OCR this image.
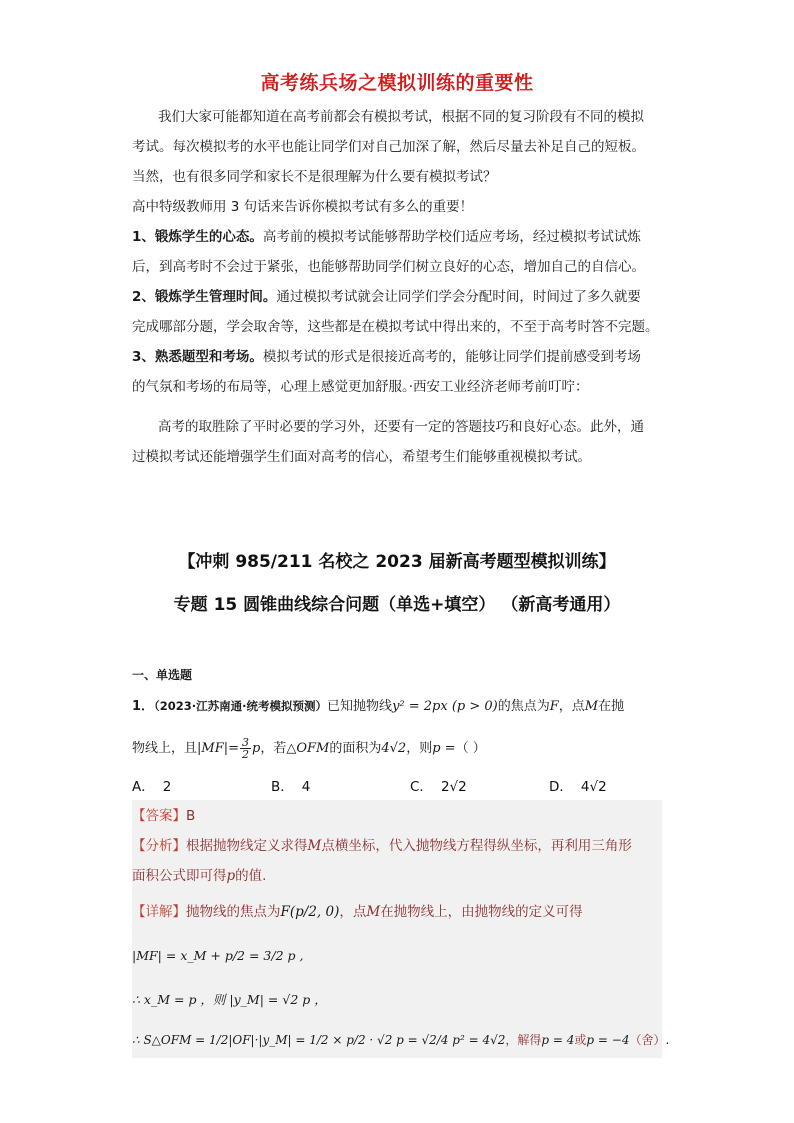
高考练兵场之模拟训练的重要性
我们大家可能都知道在高考前都会有模拟考试，根据不同的复习阶段有不同的模拟
考试。每次模拟考的水平也能让同学们对自己加深了解，然后尽量去补足自己的短板。
当然，也有很多同学和家长不是很理解为什么要有模拟考试？
高中特级教师用 3 句话来告诉你模拟考试有多么的重要！
1、锻炼学生的心态。高考前的模拟考试能够帮助学校们适应考场，经过模拟考试试炼
后，到高考时不会过于紧张，也能够帮助同学们树立良好的心态，增加自己的自信心。
2、锻炼学生管理时间。通过模拟考试就会让同学们学会分配时间，时间过了多久就要
完成哪部分题，学会取舍等，这些都是在模拟考试中得出来的，不至于高考时答不完题。
3、熟悉题型和考场。模拟考试的形式是很接近高考的，能够让同学们提前感受到考场
的气氛和考场的布局等，心理上感觉更加舒服。·西安工业经济老师考前叮咛：
高考的取胜除了平时必要的学习外，还要有一定的答题技巧和良好心态。此外，通
过模拟考试还能增强学生们面对高考的信心，希望考生们能够重视模拟考试。
【冲刺 985/211 名校之 2023 届新高考题型模拟训练】
专题 15 圆锥曲线综合问题（单选+填空） （新高考通用）
一、单选题
1．（2023·江苏南通·统考模拟预测）已知抛物线y² = 2px (p > 0)的焦点为F，点M在抛
物线上，且$|MF|= \frac{3}{2}$ p，若△OFM的面积为4√2，则p =（ ）
A． 2	B． 4	C． 2√2	D． 4√2
【答案】B
【分析】根据抛物线定义求得M点横坐标，代入抛物线方程得纵坐标，再利用三角形
面积公式即可得p的值.
【详解】抛物线的焦点为F(p/2, 0)，点M在抛物线上，由抛物线的定义可得
|MF| = x_M + p/2 = 3/2 p ,
∴ x_M = p ，则 |y_M| = √2 p ，
∴ S△OFM = 1/2|OF|·|y_M| = 1/2 × p/2 · √2 p = √2/4 p² = 4√2，解得p = 4或p = −4（舍）.
